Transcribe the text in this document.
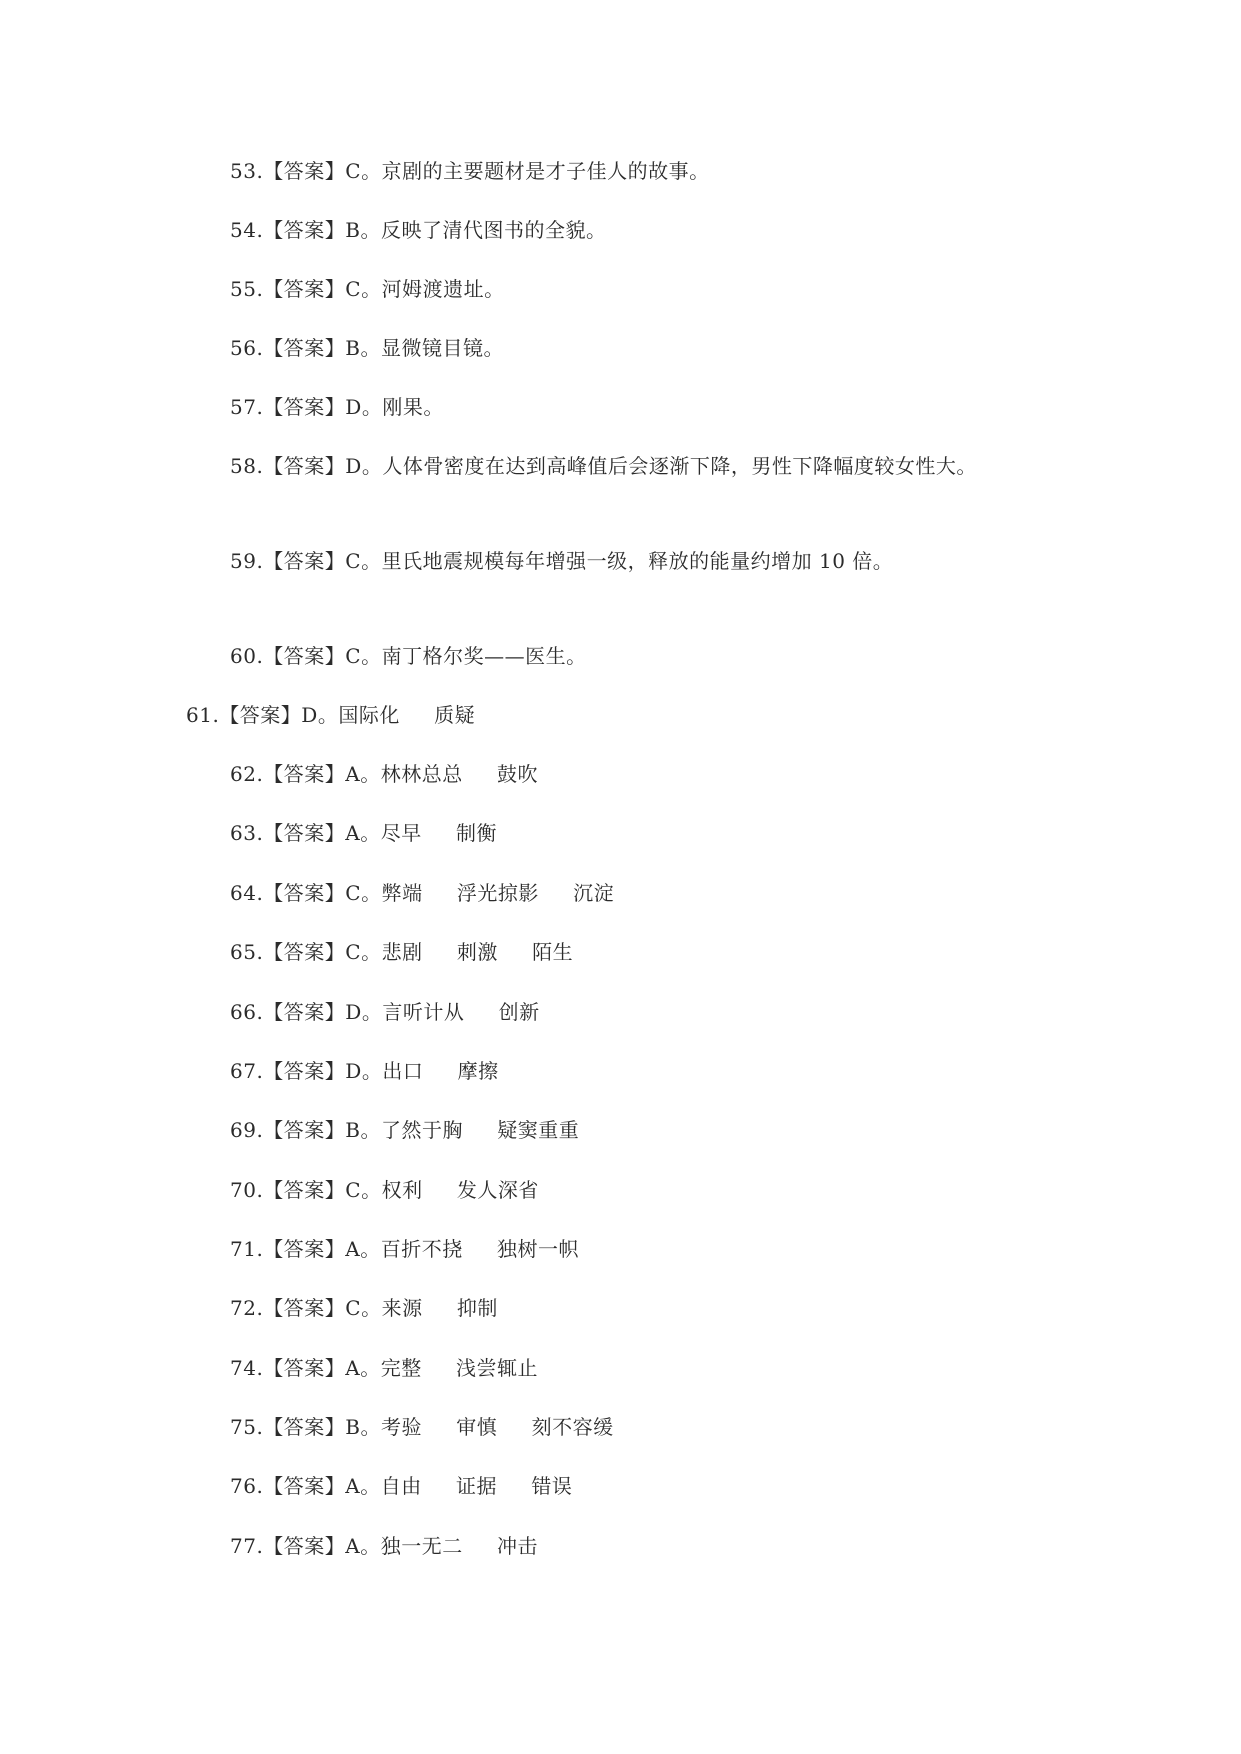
53.【答案】C。京剧的主要题材是才子佳人的故事。
54.【答案】B。反映了清代图书的全貌。
55.【答案】C。河姆渡遗址。
56.【答案】B。显微镜目镜。
57.【答案】D。刚果。
58.【答案】D。人体骨密度在达到高峰值后会逐渐下降，男性下降幅度较女性大。
59.【答案】C。里氏地震规模每年增强一级，释放的能量约增加 10 倍。
60.【答案】C。南丁格尔奖——医生。
61.【答案】D。国际化     质疑
62.【答案】A。林林总总     鼓吹
63.【答案】A。尽早     制衡
64.【答案】C。弊端     浮光掠影     沉淀
65.【答案】C。悲剧     刺激     陌生
66.【答案】D。言听计从     创新
67.【答案】D。出口     摩擦
69.【答案】B。了然于胸     疑窦重重
70.【答案】C。权利     发人深省
71.【答案】A。百折不挠     独树一帜
72.【答案】C。来源     抑制
74.【答案】A。完整     浅尝辄止
75.【答案】B。考验     审慎     刻不容缓
76.【答案】A。自由     证据     错误
77.【答案】A。独一无二     冲击
